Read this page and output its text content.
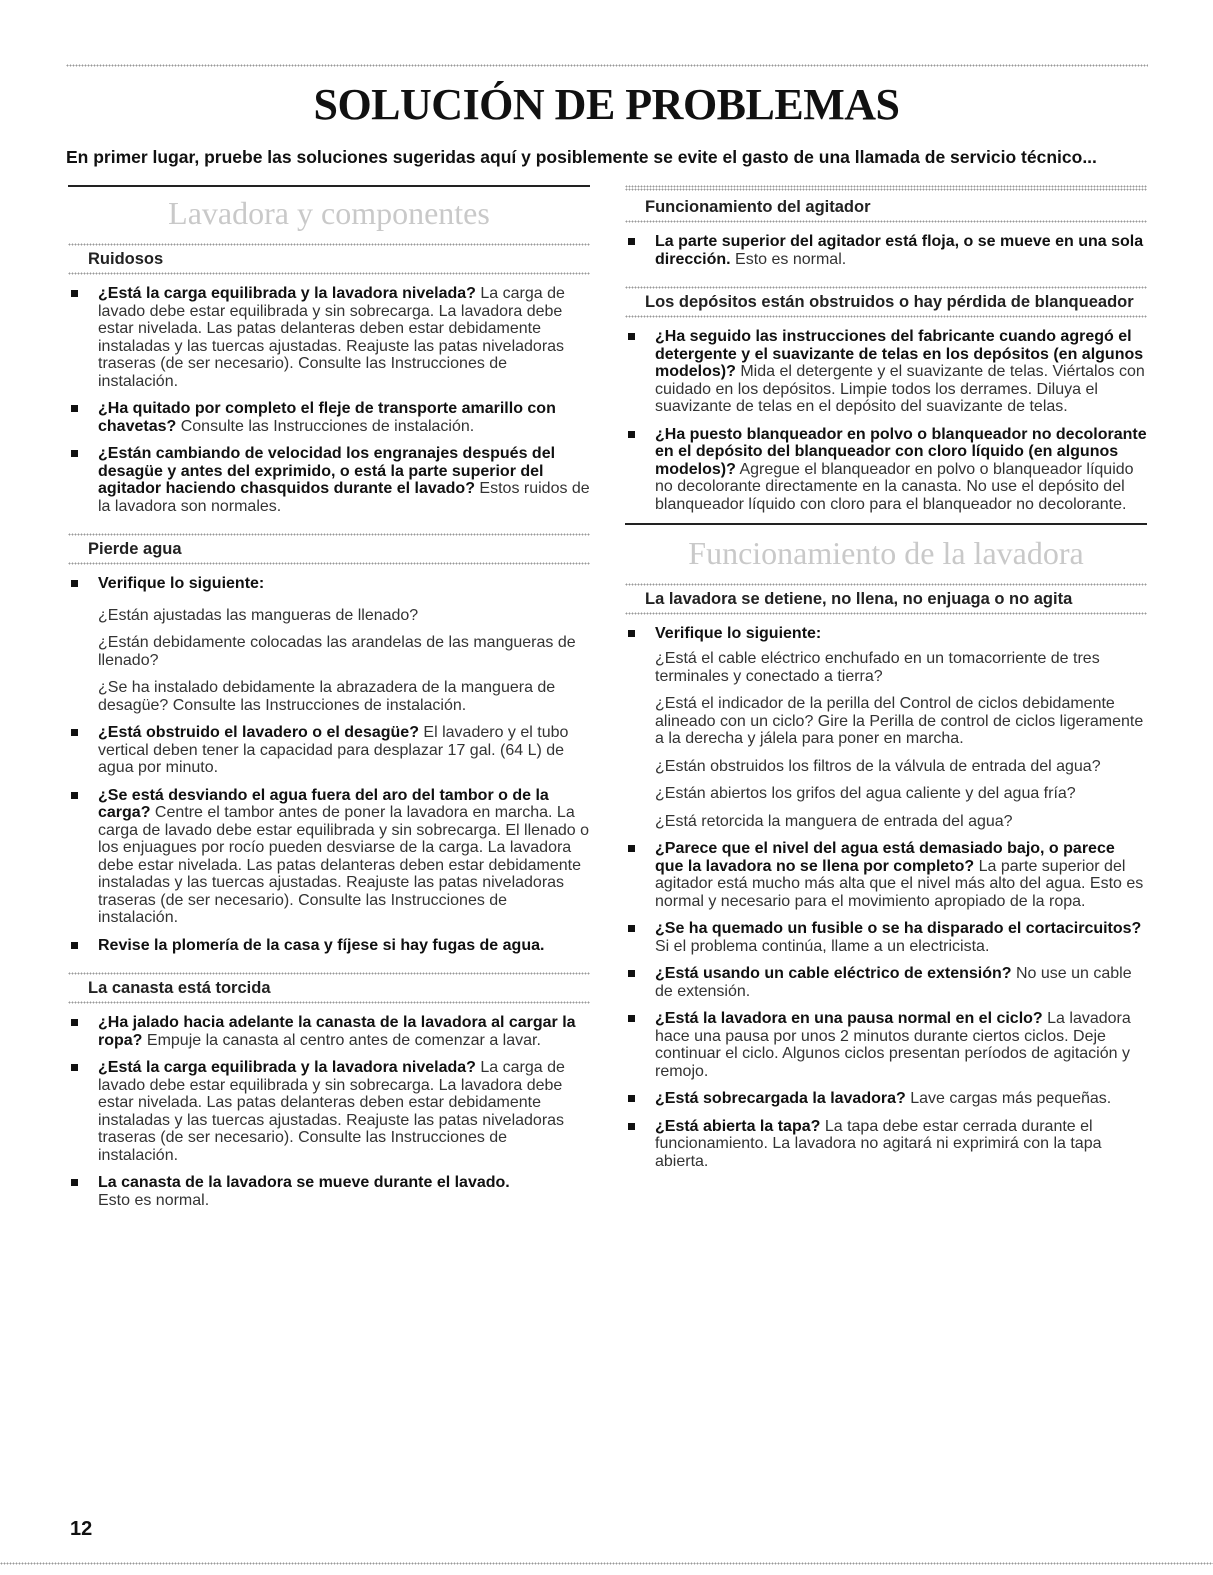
SOLUCIÓN DE PROBLEMAS

En primer lugar, pruebe las soluciones sugeridas aquí y posiblemente se evite el gasto de una llamada de servicio técnico...

Lavadora y componentes
Ruidosos
¿Está la carga equilibrada y la lavadora nivelada? La carga de lavado debe estar equilibrada y sin sobrecarga. La lavadora debe estar nivelada. Las patas delanteras deben estar debidamente instaladas y las tuercas ajustadas. Reajuste las patas niveladoras traseras (de ser necesario). Consulte las Instrucciones de instalación.
¿Ha quitado por completo el fleje de transporte amarillo con chavetas? Consulte las Instrucciones de instalación.
¿Están cambiando de velocidad los engranajes después del desagüe y antes del exprimido, o está la parte superior del agitador haciendo chasquidos durante el lavado? Estos ruidos de la lavadora son normales.
Pierde agua
Verifique lo siguiente:
¿Están ajustadas las mangueras de llenado?
¿Están debidamente colocadas las arandelas de las mangueras de llenado?
¿Se ha instalado debidamente la abrazadera de la manguera de desagüe? Consulte las Instrucciones de instalación.
¿Está obstruido el lavadero o el desagüe? El lavadero y el tubo vertical deben tener la capacidad para desplazar 17 gal. (64 L) de agua por minuto.
¿Se está desviando el agua fuera del aro del tambor o de la carga? Centre el tambor antes de poner la lavadora en marcha. La carga de lavado debe estar equilibrada y sin sobrecarga. El llenado o los enjuagues por rocío pueden desviarse de la carga. La lavadora debe estar nivelada. Las patas delanteras deben estar debidamente instaladas y las tuercas ajustadas. Reajuste las patas niveladoras traseras (de ser necesario). Consulte las Instrucciones de instalación.
Revise la plomería de la casa y fíjese si hay fugas de agua.
La canasta está torcida
¿Ha jalado hacia adelante la canasta de la lavadora al cargar la ropa? Empuje la canasta al centro antes de comenzar a lavar.
¿Está la carga equilibrada y la lavadora nivelada? La carga de lavado debe estar equilibrada y sin sobrecarga. La lavadora debe estar nivelada. Las patas delanteras deben estar debidamente instaladas y las tuercas ajustadas. Reajuste las patas niveladoras traseras (de ser necesario). Consulte las Instrucciones de instalación.
La canasta de la lavadora se mueve durante el lavado.
Esto es normal.
Funcionamiento del agitador
La parte superior del agitador está floja, o se mueve en una sola dirección. Esto es normal.
Los depósitos están obstruidos o hay pérdida de blanqueador
¿Ha seguido las instrucciones del fabricante cuando agregó el detergente y el suavizante de telas en los depósitos (en algunos modelos)? Mida el detergente y el suavizante de telas. Viértalos con cuidado en los depósitos. Limpie todos los derrames. Diluya el suavizante de telas en el depósito del suavizante de telas.
¿Ha puesto blanqueador en polvo o blanqueador no decolorante en el depósito del blanqueador con cloro líquido (en algunos modelos)? Agregue el blanqueador en polvo o blanqueador líquido no decolorante directamente en la canasta. No use el depósito del blanqueador líquido con cloro para el blanqueador no decolorante.
Funcionamiento de la lavadora
La lavadora se detiene, no llena, no enjuaga o no agita
Verifique lo siguiente:
¿Está el cable eléctrico enchufado en un tomacorriente de tres terminales y conectado a tierra?
¿Está el indicador de la perilla del Control de ciclos debidamente alineado con un ciclo? Gire la Perilla de control de ciclos ligeramente a la derecha y jálela para poner en marcha.
¿Están obstruidos los filtros de la válvula de entrada del agua?
¿Están abiertos los grifos del agua caliente y del agua fría?
¿Está retorcida la manguera de entrada del agua?
¿Parece que el nivel del agua está demasiado bajo, o parece que la lavadora no se llena por completo? La parte superior del agitador está mucho más alta que el nivel más alto del agua. Esto es normal y necesario para el movimiento apropiado de la ropa.
¿Se ha quemado un fusible o se ha disparado el cortacircuitos? Si el problema continúa, llame a un electricista.
¿Está usando un cable eléctrico de extensión? No use un cable de extensión.
¿Está la lavadora en una pausa normal en el ciclo? La lavadora hace una pausa por unos 2 minutos durante ciertos ciclos. Deje continuar el ciclo. Algunos ciclos presentan períodos de agitación y remojo.
¿Está sobrecargada la lavadora? Lave cargas más pequeñas.
¿Está abierta la tapa? La tapa debe estar cerrada durante el funcionamiento. La lavadora no agitará ni exprimirá con la tapa abierta.

12
